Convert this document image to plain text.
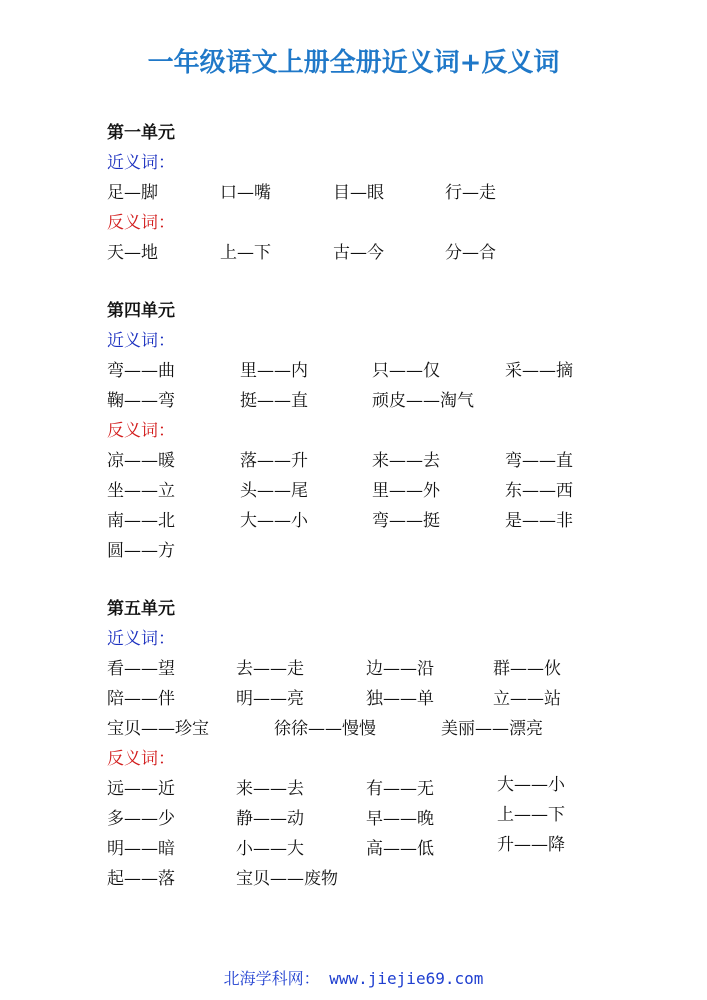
一年级语文上册全册近义词+反义词
第一单元
近义词：
足—脚	口—嘴	目—眼	行—走
反义词：
天—地	上—下	古—今	分—合
第四单元
近义词：
弯——曲	里——内	只——仅	采——摘
鞠——弯	挺——直	顽皮——淘气
反义词：
凉——暖	落——升	来——去	弯——直
坐——立	头——尾	里——外	东——西
南——北	大——小	弯——挺	是——非
圆——方
第五单元
近义词：
看——望	去——走	边——沿	群——伙
陪——伴	明——亮	独——单	立——站
宝贝——珍宝	徐徐——慢慢	美丽——漂亮
反义词：
远——近	来——去	有——无	大——小
多——少	静——动	早——晚	上——下
明——暗	小——大	高——低	升——降
起——落	宝贝——废物
北海学科网： www.jiejie69.com
